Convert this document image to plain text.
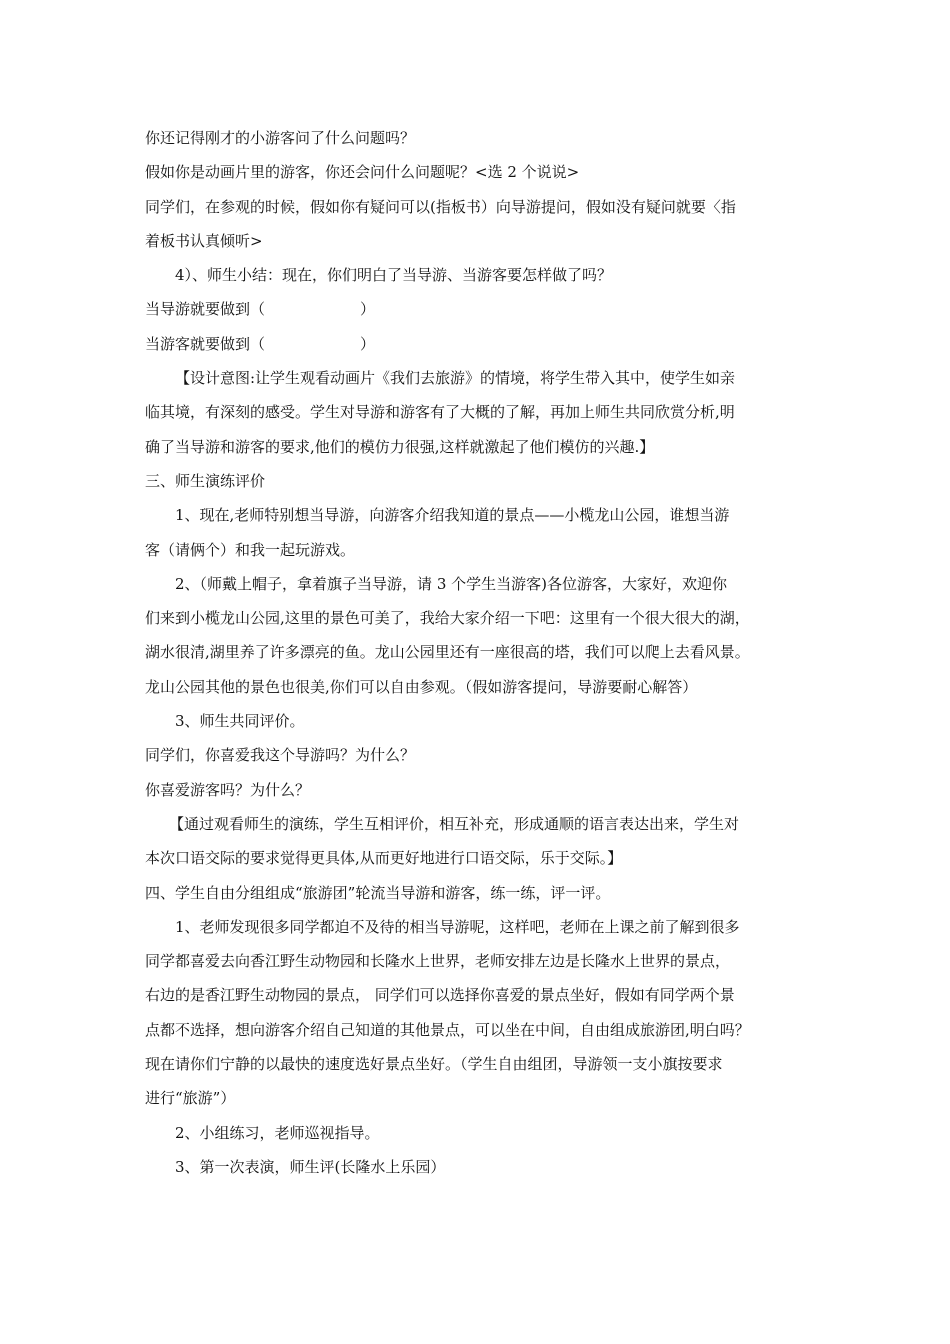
你还记得刚才的小游客问了什么问题吗？
假如你是动画片里的游客，你还会问什么问题呢？<选 2 个说说>
同学们，在参观的时候，假如你有疑问可以(指板书）向导游提问，假如没有疑问就要〈指
着板书认真倾听>
4）、师生小结：现在，你们明白了当导游、当游客要怎样做了吗？
当导游就要做到（	）
当游客就要做到（	）
【设计意图:让学生观看动画片《我们去旅游》的情境，将学生带入其中，使学生如亲
临其境，有深刻的感受。学生对导游和游客有了大概的了解，再加上师生共同欣赏分析,明
确了当导游和游客的要求,他们的模仿力很强,这样就激起了他们模仿的兴趣.】
三、师生演练评价
1、现在,老师特别想当导游，向游客介绍我知道的景点——小榄龙山公园，谁想当游
客（请俩个）和我一起玩游戏。
2、（师戴上帽子，拿着旗子当导游，请 3 个学生当游客)各位游客，大家好，欢迎你
们来到小榄龙山公园,这里的景色可美了，我给大家介绍一下吧：这里有一个很大很大的湖，
湖水很清,湖里养了许多漂亮的鱼。龙山公园里还有一座很高的塔，我们可以爬上去看风景。
龙山公园其他的景色也很美,你们可以自由参观。（假如游客提问，导游要耐心解答）
3、师生共同评价。
同学们，你喜爱我这个导游吗？为什么？
你喜爱游客吗？为什么？
【通过观看师生的演练，学生互相评价，相互补充，形成通顺的语言表达出来，学生对
本次口语交际的要求觉得更具体,从而更好地进行口语交际，乐于交际。】
四、学生自由分组组成“旅游团”轮流当导游和游客，练一练，评一评。
1、老师发现很多同学都迫不及待的相当导游呢，这样吧，老师在上课之前了解到很多
同学都喜爱去向香江野生动物园和长隆水上世界，老师安排左边是长隆水上世界的景点，
右边的是香江野生动物园的景点， 同学们可以选择你喜爱的景点坐好，假如有同学两个景
点都不选择，想向游客介绍自己知道的其他景点，可以坐在中间，自由组成旅游团,明白吗？
现在请你们宁静的以最快的速度选好景点坐好。（学生自由组团，导游领一支小旗按要求
进行“旅游”）
2、小组练习，老师巡视指导。
3、第一次表演，师生评(长隆水上乐园）
